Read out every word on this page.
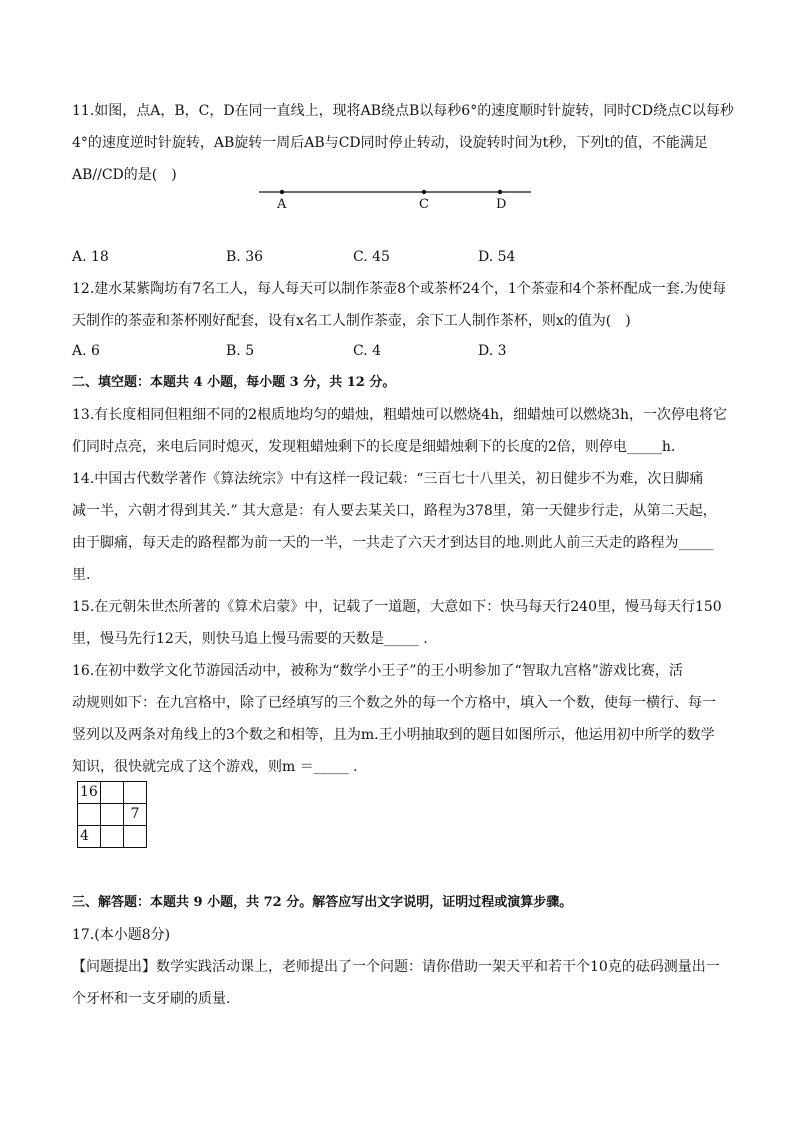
11.如图，点A，B，C，D在同一直线上，现将AB绕点B以每秒6°的速度顺时针旋转，同时CD绕点C以每秒
4°的速度逆时针旋转，AB旋转一周后AB与CD同时停止转动，设旋转时间为t秒，下列t的值，不能满足
AB//CD的是(　)
A	C	D
A. 18	B. 36	C. 45	D. 54
12.建水某紫陶坊有7名工人，每人每天可以制作茶壶8个或茶杯24个，1个茶壶和4个茶杯配成一套.为使每
天制作的茶壶和茶杯刚好配套，设有x名工人制作茶壶，余下工人制作茶杯，则x的值为(　)
A. 6	B. 5	C. 4	D. 3
二、填空题：本题共 4 小题，每小题 3 分，共 12 分。
13.有长度相同但粗细不同的2根质地均匀的蜡烛，粗蜡烛可以燃烧4h，细蜡烛可以燃烧3h，一次停电将它
们同时点亮，来电后同时熄灭，发现粗蜡烛剩下的长度是细蜡烛剩下的长度的2倍，则停电_____h.
14.中国古代数学著作《算法统宗》中有这样一段记载：“三百七十八里关，初日健步不为难，次日脚痛
减一半，六朝才得到其关.” 其大意是：有人要去某关口，路程为378里，第一天健步行走，从第二天起，
由于脚痛，每天走的路程都为前一天的一半，一共走了六天才到达目的地.则此人前三天走的路程为_____
里.
15.在元朝朱世杰所著的《算术启蒙》中，记载了一道题，大意如下：快马每天行240里，慢马每天行150
里，慢马先行12天，则快马追上慢马需要的天数是_____ .
16.在初中数学文化节游园活动中，被称为“数学小王子”的王小明参加了“智取九宫格”游戏比赛，活
动规则如下：在九宫格中，除了已经填写的三个数之外的每一个方格中，填入一个数，使每一横行、每一
竖列以及两条对角线上的3个数之和相等，且为m.王小明抽取到的题目如图所示，他运用初中所学的数学
知识，很快就完成了这个游戏，则m ＝_____ .
16		
		7
4		
三、解答题：本题共 9 小题，共 72 分。解答应写出文字说明，证明过程或演算步骤。
17.(本小题8分)
【问题提出】数学实践活动课上，老师提出了一个问题：请你借助一架天平和若干个10克的砝码测量出一
个牙杯和一支牙刷的质量.
